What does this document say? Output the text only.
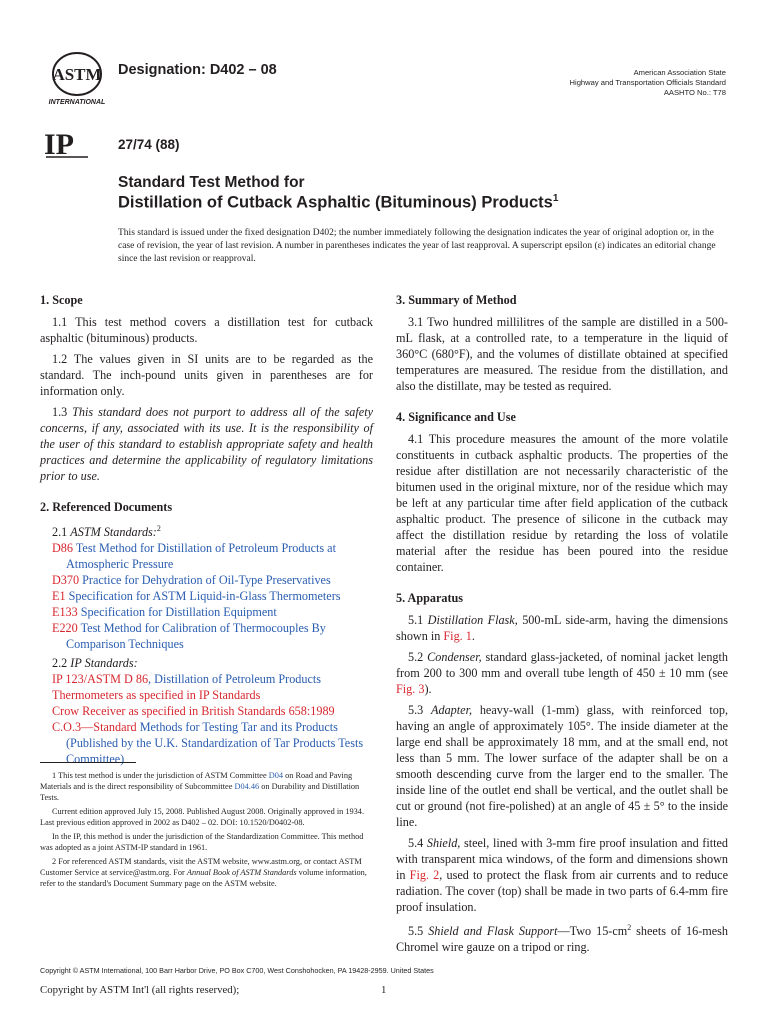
ASTM
INTERNATIONAL
Designation: D402 – 08	American Association State
Highway and Transportation Officials Standard
AASHTO No.: T78
IP	27/74 (88)
Standard Test Method for
Distillation of Cutback Asphaltic (Bituminous) Products$^1$
This standard is issued under the fixed designation D402; the number immediately following the designation indicates the year of original adoption or, in the case of revision, the year of last revision. A number in parentheses indicates the year of last reapproval. A superscript epsilon (ε) indicates an editorial change since the last revision or reapproval.
1. Scope
1.1 This test method covers a distillation test for cutback asphaltic (bituminous) products.
1.2 The values given in SI units are to be regarded as the standard. The inch-pound units given in parentheses are for information only.
1.3 This standard does not purport to address all of the safety concerns, if any, associated with its use. It is the responsibility of the user of this standard to establish appropriate safety and health practices and determine the applicability of regulatory limitations prior to use.
2. Referenced Documents
2.1 ASTM Standards:$^2$
D86 Test Method for Distillation of Petroleum Products at Atmospheric Pressure
D370 Practice for Dehydration of Oil-Type Preservatives
E1 Specification for ASTM Liquid-in-Glass Thermometers
E133 Specification for Distillation Equipment
E220 Test Method for Calibration of Thermocouples By Comparison Techniques
2.2 IP Standards:
IP 123/ASTM D 86, Distillation of Petroleum Products
Thermometers as specified in IP Standards
Crow Receiver as specified in British Standards 658:1989
C.O.3—Standard Methods for Testing Tar and its Products (Published by the U.K. Standardization of Tar Products Tests Committee)

1 This test method is under the jurisdiction of ASTM Committee D04 on Road and Paving Materials and is the direct responsibility of Subcommittee D04.46 on Durability and Distillation Tests.

Current edition approved July 15, 2008. Published August 2008. Originally approved in 1934. Last previous edition approved in 2002 as D402 – 02. DOI: 10.1520/D0402-08.

In the IP, this method is under the jurisdiction of the Standardization Committee. This method was adopted as a joint ASTM-IP standard in 1961.

2 For referenced ASTM standards, visit the ASTM website, www.astm.org, or contact ASTM Customer Service at service@astm.org. For Annual Book of ASTM Standards volume information, refer to the standard's Document Summary page on the ASTM website.

3. Summary of Method
3.1 Two hundred millilitres of the sample are distilled in a 500-mL flask, at a controlled rate, to a temperature in the liquid of 360°C (680°F), and the volumes of distillate obtained at specified temperatures are measured. The residue from the distillation, and also the distillate, may be tested as required.
4. Significance and Use
4.1 This procedure measures the amount of the more volatile constituents in cutback asphaltic products. The properties of the residue after distillation are not necessarily characteristic of the bitumen used in the original mixture, nor of the residue which may be left at any particular time after field application of the cutback asphaltic product. The presence of silicone in the cutback may affect the distillation residue by retarding the loss of volatile material after the residue has been poured into the residue container.
5. Apparatus
5.1 Distillation Flask, 500-mL side-arm, having the dimensions shown in Fig. 1.
5.2 Condenser, standard glass-jacketed, of nominal jacket length from 200 to 300 mm and overall tube length of 450 ± 10 mm (see Fig. 3).
5.3 Adapter, heavy-wall (1-mm) glass, with reinforced top, having an angle of approximately 105°. The inside diameter at the large end shall be approximately 18 mm, and at the small end, not less than 5 mm. The lower surface of the adapter shall be on a smooth descending curve from the larger end to the smaller. The inside line of the outlet end shall be vertical, and the outlet shall be cut or ground (not fire-polished) at an angle of 45 ± 5° to the inside line.
5.4 Shield, steel, lined with 3-mm fire proof insulation and fitted with transparent mica windows, of the form and dimensions shown in Fig. 2, used to protect the flask from air currents and to reduce radiation. The cover (top) shall be made in two parts of 6.4-mm fire proof insulation.
5.5 Shield and Flask Support—Two $15-cm^2$ sheets of 16-mesh Chromel wire gauze on a tripod or ring.
Copyright © ASTM International, 100 Barr Harbor Drive, PO Box C700, West Conshohocken, PA 19428-2959. United States
Copyright by ASTM Int'l (all rights reserved);	1
